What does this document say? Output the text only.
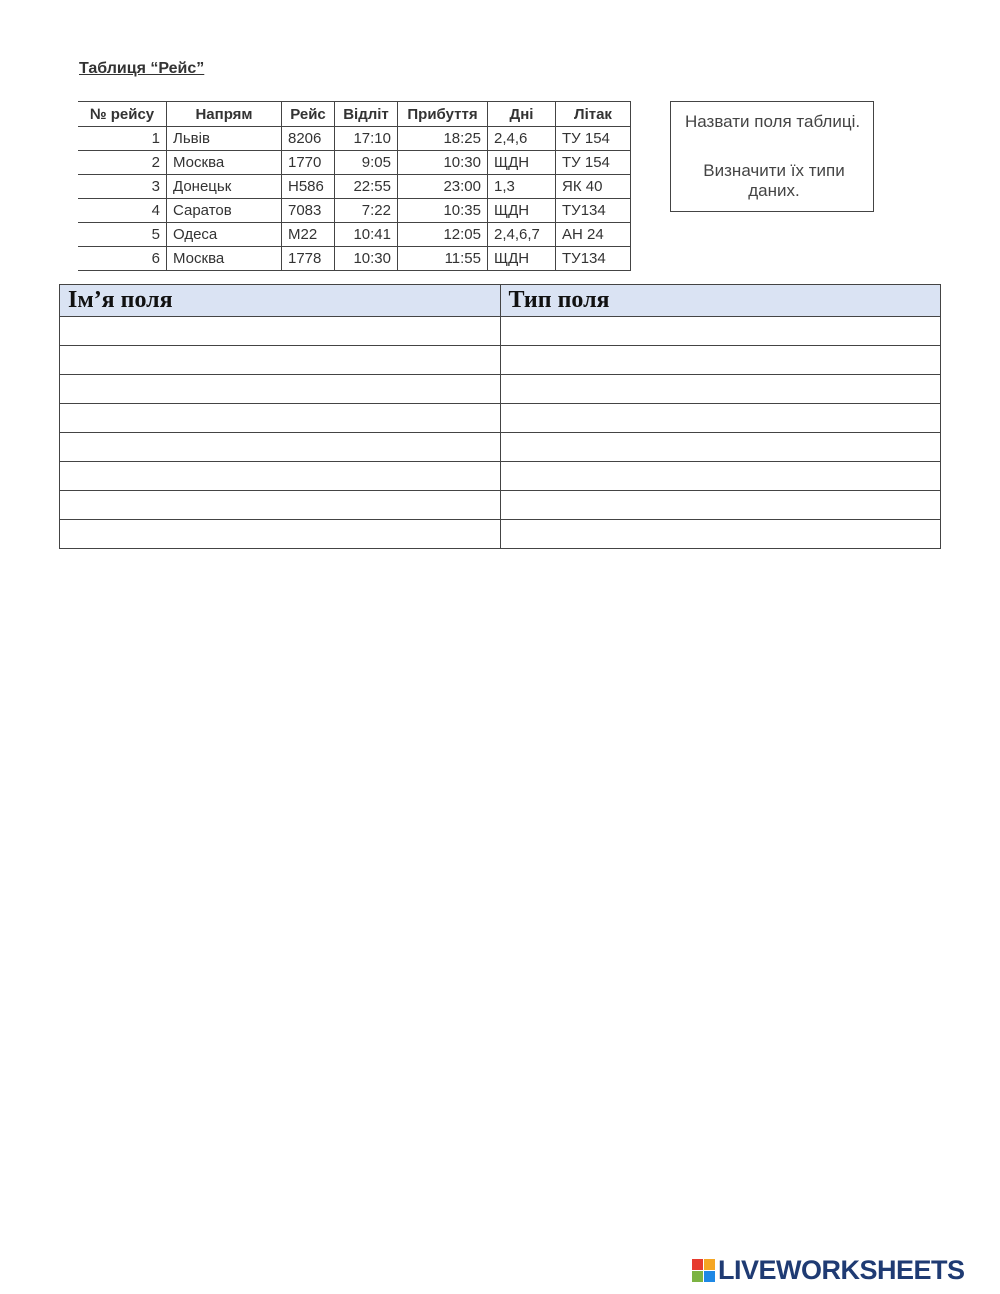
Таблиця “Рейс”
№ рейсу	Напрям	Рейс	Відліт	Прибуття	Дні	Літак
1	Львів	8206	17:10	18:25	2,4,6	ТУ 154
2	Москва	1770	9:05	10:30	ЩДН	ТУ 154
3	Донецьк	Н586	22:55	23:00	1,3	ЯК 40
4	Саратов	7083	7:22	10:35	ЩДН	ТУ134
5	Одеса	М22	10:41	12:05	2,4,6,7	АН 24
6	Москва	1778	10:30	11:55	ЩДН	ТУ134
Назвати поля таблиці.
Визначити їх типи даних.
Ім’я поля	Тип поля

LIVEWORKSHEETS
